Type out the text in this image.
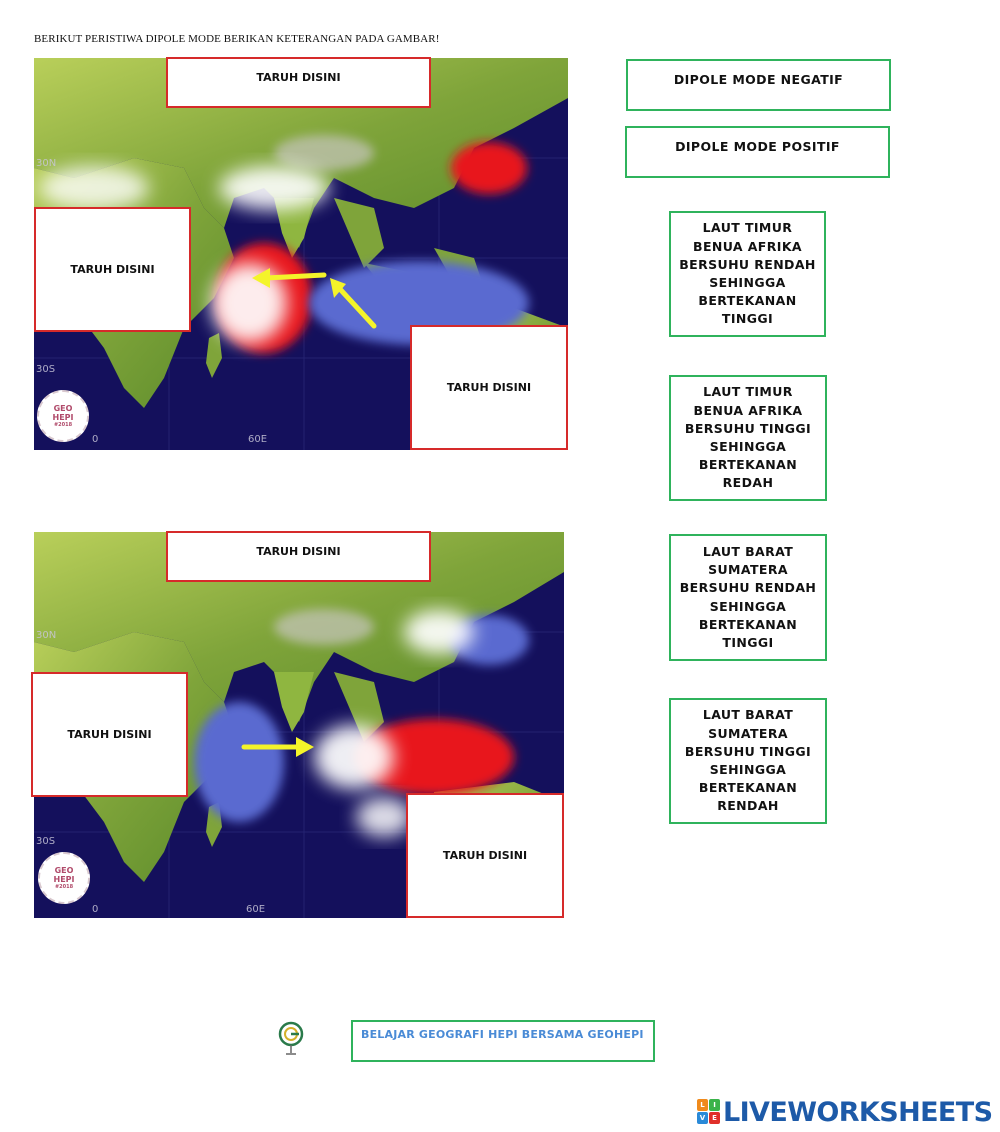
BERIKUT PERISTIWA DIPOLE MODE BERIKAN KETERANGAN PADA GAMBAR!
30N
30S
0	60E
GEO
HEPI
#2018
TARUH DISINI
TARUH DISINI
TARUH DISINI
30N
30S
0	60E
GEO
HEPI
#2018
TARUH DISINI
TARUH DISINI
TARUH DISINI
DIPOLE MODE NEGATIF
DIPOLE MODE POSITIF
LAUT TIMUR
BENUA AFRIKA
BERSUHU RENDAH
SEHINGGA
BERTEKANAN
TINGGI
LAUT TIMUR
BENUA AFRIKA
BERSUHU TINGGI
SEHINGGA
BERTEKANAN
REDAH
LAUT BARAT
SUMATERA
BERSUHU RENDAH
SEHINGGA
BERTEKANAN
TINGGI
LAUT BARAT
SUMATERA
BERSUHU TINGGI
SEHINGGA
BERTEKANAN
RENDAH
BELAJAR GEOGRAFI HEPI BERSAMA GEOHEPI
L	I
V E LIVEWORKSHEETS
